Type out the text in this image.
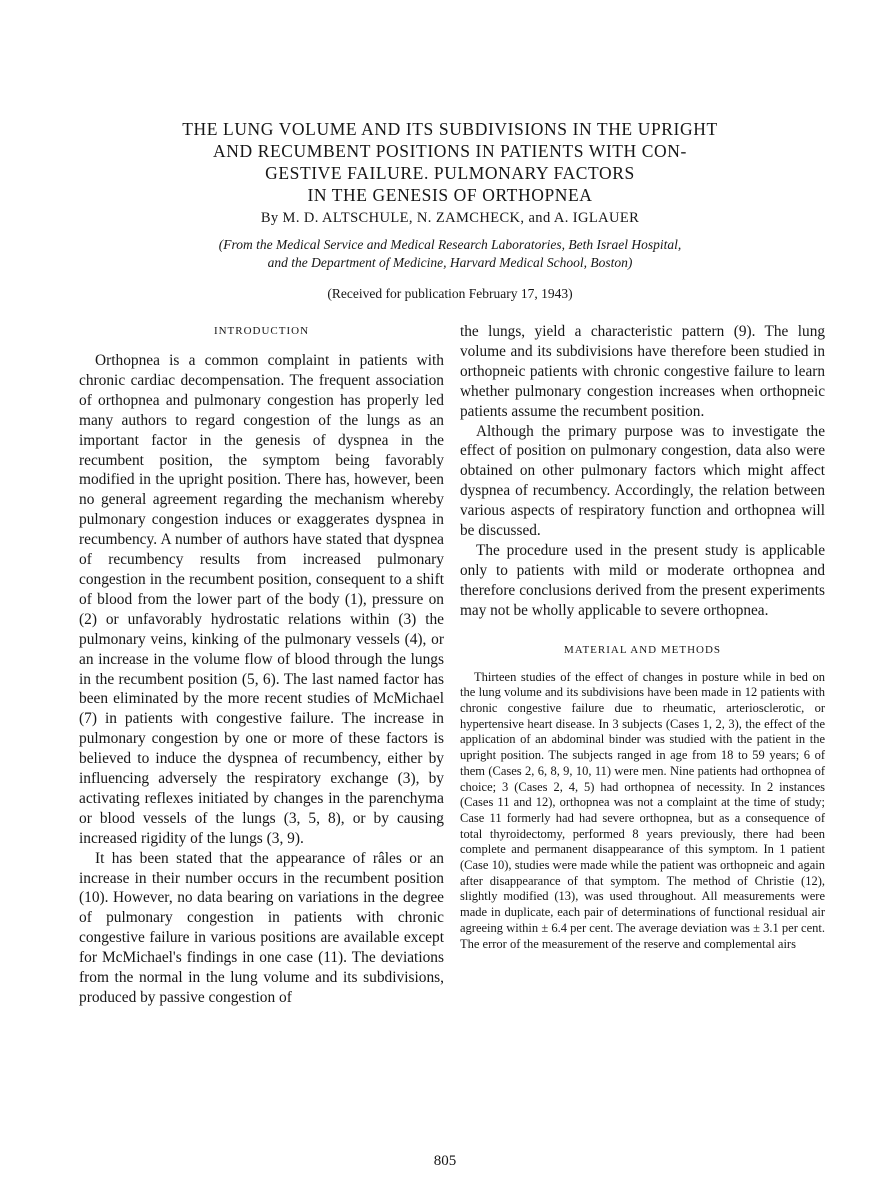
THE LUNG VOLUME AND ITS SUBDIVISIONS IN THE UPRIGHT
AND RECUMBENT POSITIONS IN PATIENTS WITH CON-
GESTIVE FAILURE. PULMONARY FACTORS
IN THE GENESIS OF ORTHOPNEA
By M. D. ALTSCHULE, N. ZAMCHECK, and A. IGLAUER
(From the Medical Service and Medical Research Laboratories, Beth Israel Hospital,
and the Department of Medicine, Harvard Medical School, Boston)
(Received for publication February 17, 1943)
INTRODUCTION

Orthopnea is a common complaint in patients with chronic cardiac decompensation. The frequent association of orthopnea and pulmonary congestion has properly led many authors to regard congestion of the lungs as an important factor in the genesis of dyspnea in the recumbent position, the symptom being favorably modified in the upright position. There has, however, been no general agreement regarding the mechanism whereby pulmonary congestion induces or exaggerates dyspnea in recumbency. A number of authors have stated that dyspnea of recumbency results from increased pulmonary congestion in the recumbent position, consequent to a shift of blood from the lower part of the body (1), pressure on (2) or unfavorably hydrostatic relations within (3) the pulmonary veins, kinking of the pulmonary vessels (4), or an increase in the volume flow of blood through the lungs in the recumbent position (5, 6). The last named factor has been eliminated by the more recent studies of McMichael (7) in patients with congestive failure. The increase in pulmonary congestion by one or more of these factors is believed to induce the dyspnea of recumbency, either by influencing adversely the respiratory exchange (3), by activating reflexes initiated by changes in the parenchyma or blood vessels of the lungs (3, 5, 8), or by causing increased rigidity of the lungs (3, 9).

It has been stated that the appearance of râles or an increase in their number occurs in the recumbent position (10). However, no data bearing on variations in the degree of pulmonary congestion in patients with chronic congestive failure in various positions are available except for McMichael's findings in one case (11). The deviations from the normal in the lung volume and its subdivisions, produced by passive congestion of

the lungs, yield a characteristic pattern (9). The lung volume and its subdivisions have therefore been studied in orthopneic patients with chronic congestive failure to learn whether pulmonary congestion increases when orthopneic patients assume the recumbent position.

Although the primary purpose was to investigate the effect of position on pulmonary congestion, data also were obtained on other pulmonary factors which might affect dyspnea of recumbency. Accordingly, the relation between various aspects of respiratory function and orthopnea will be discussed.

The procedure used in the present study is applicable only to patients with mild or moderate orthopnea and therefore conclusions derived from the present experiments may not be wholly applicable to severe orthopnea.

MATERIAL AND METHODS

Thirteen studies of the effect of changes in posture while in bed on the lung volume and its subdivisions have been made in 12 patients with chronic congestive failure due to rheumatic, arteriosclerotic, or hypertensive heart disease. In 3 subjects (Cases 1, 2, 3), the effect of the application of an abdominal binder was studied with the patient in the upright position. The subjects ranged in age from 18 to 59 years; 6 of them (Cases 2, 6, 8, 9, 10, 11) were men. Nine patients had orthopnea of choice; 3 (Cases 2, 4, 5) had orthopnea of necessity. In 2 instances (Cases 11 and 12), orthopnea was not a complaint at the time of study; Case 11 formerly had had severe orthopnea, but as a consequence of total thyroidectomy, performed 8 years previously, there had been complete and permanent disappearance of this symptom. In 1 patient (Case 10), studies were made while the patient was orthopneic and again after disappearance of that symptom. The method of Christie (12), slightly modified (13), was used throughout. All measurements were made in duplicate, each pair of determinations of functional residual air agreeing within ± 6.4 per cent. The average deviation was ± 3.1 per cent. The error of the measurement of the reserve and complemental airs

805
